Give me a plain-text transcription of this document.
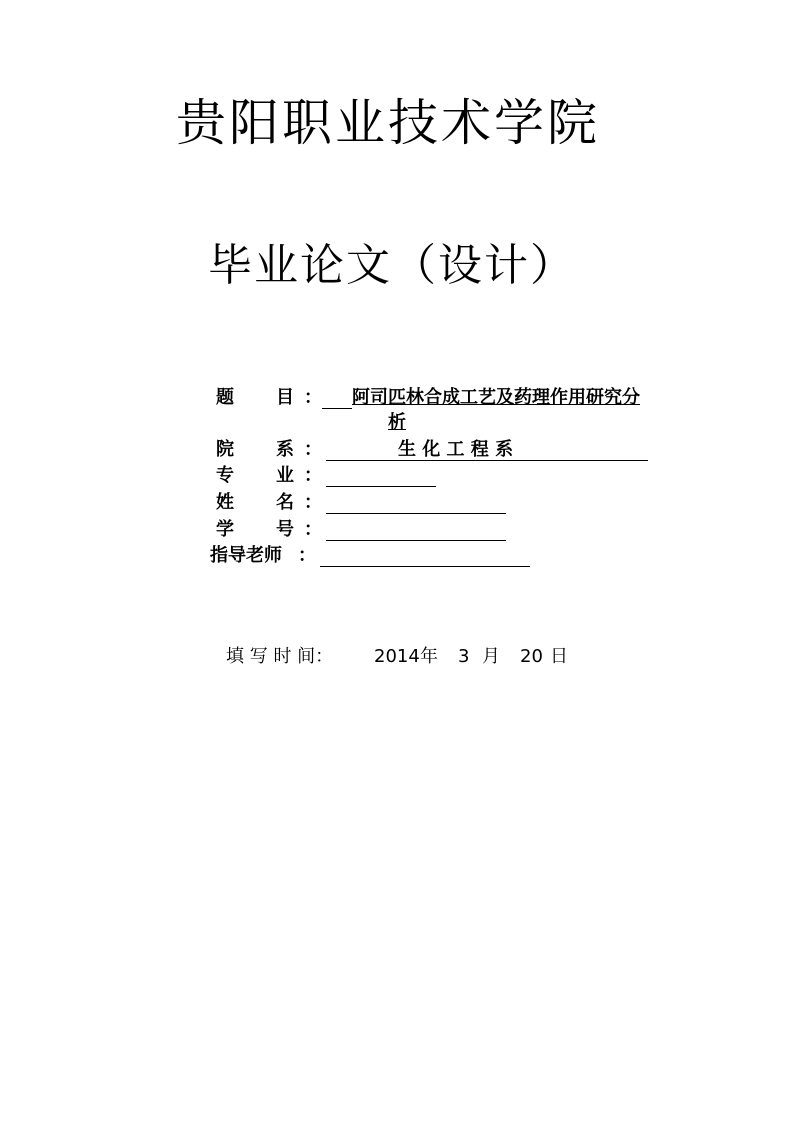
贵阳职业技术学院
毕业论文（设计）
题 目 ： 阿司匹林合成工艺及药理作用研究分
析
院 系 ：	生 化 工 程 系
专 业 ：
姓 名 ：
学 号 ：
指导老师 ：
填 写 时 间： 2014 年 3 月 20 日
